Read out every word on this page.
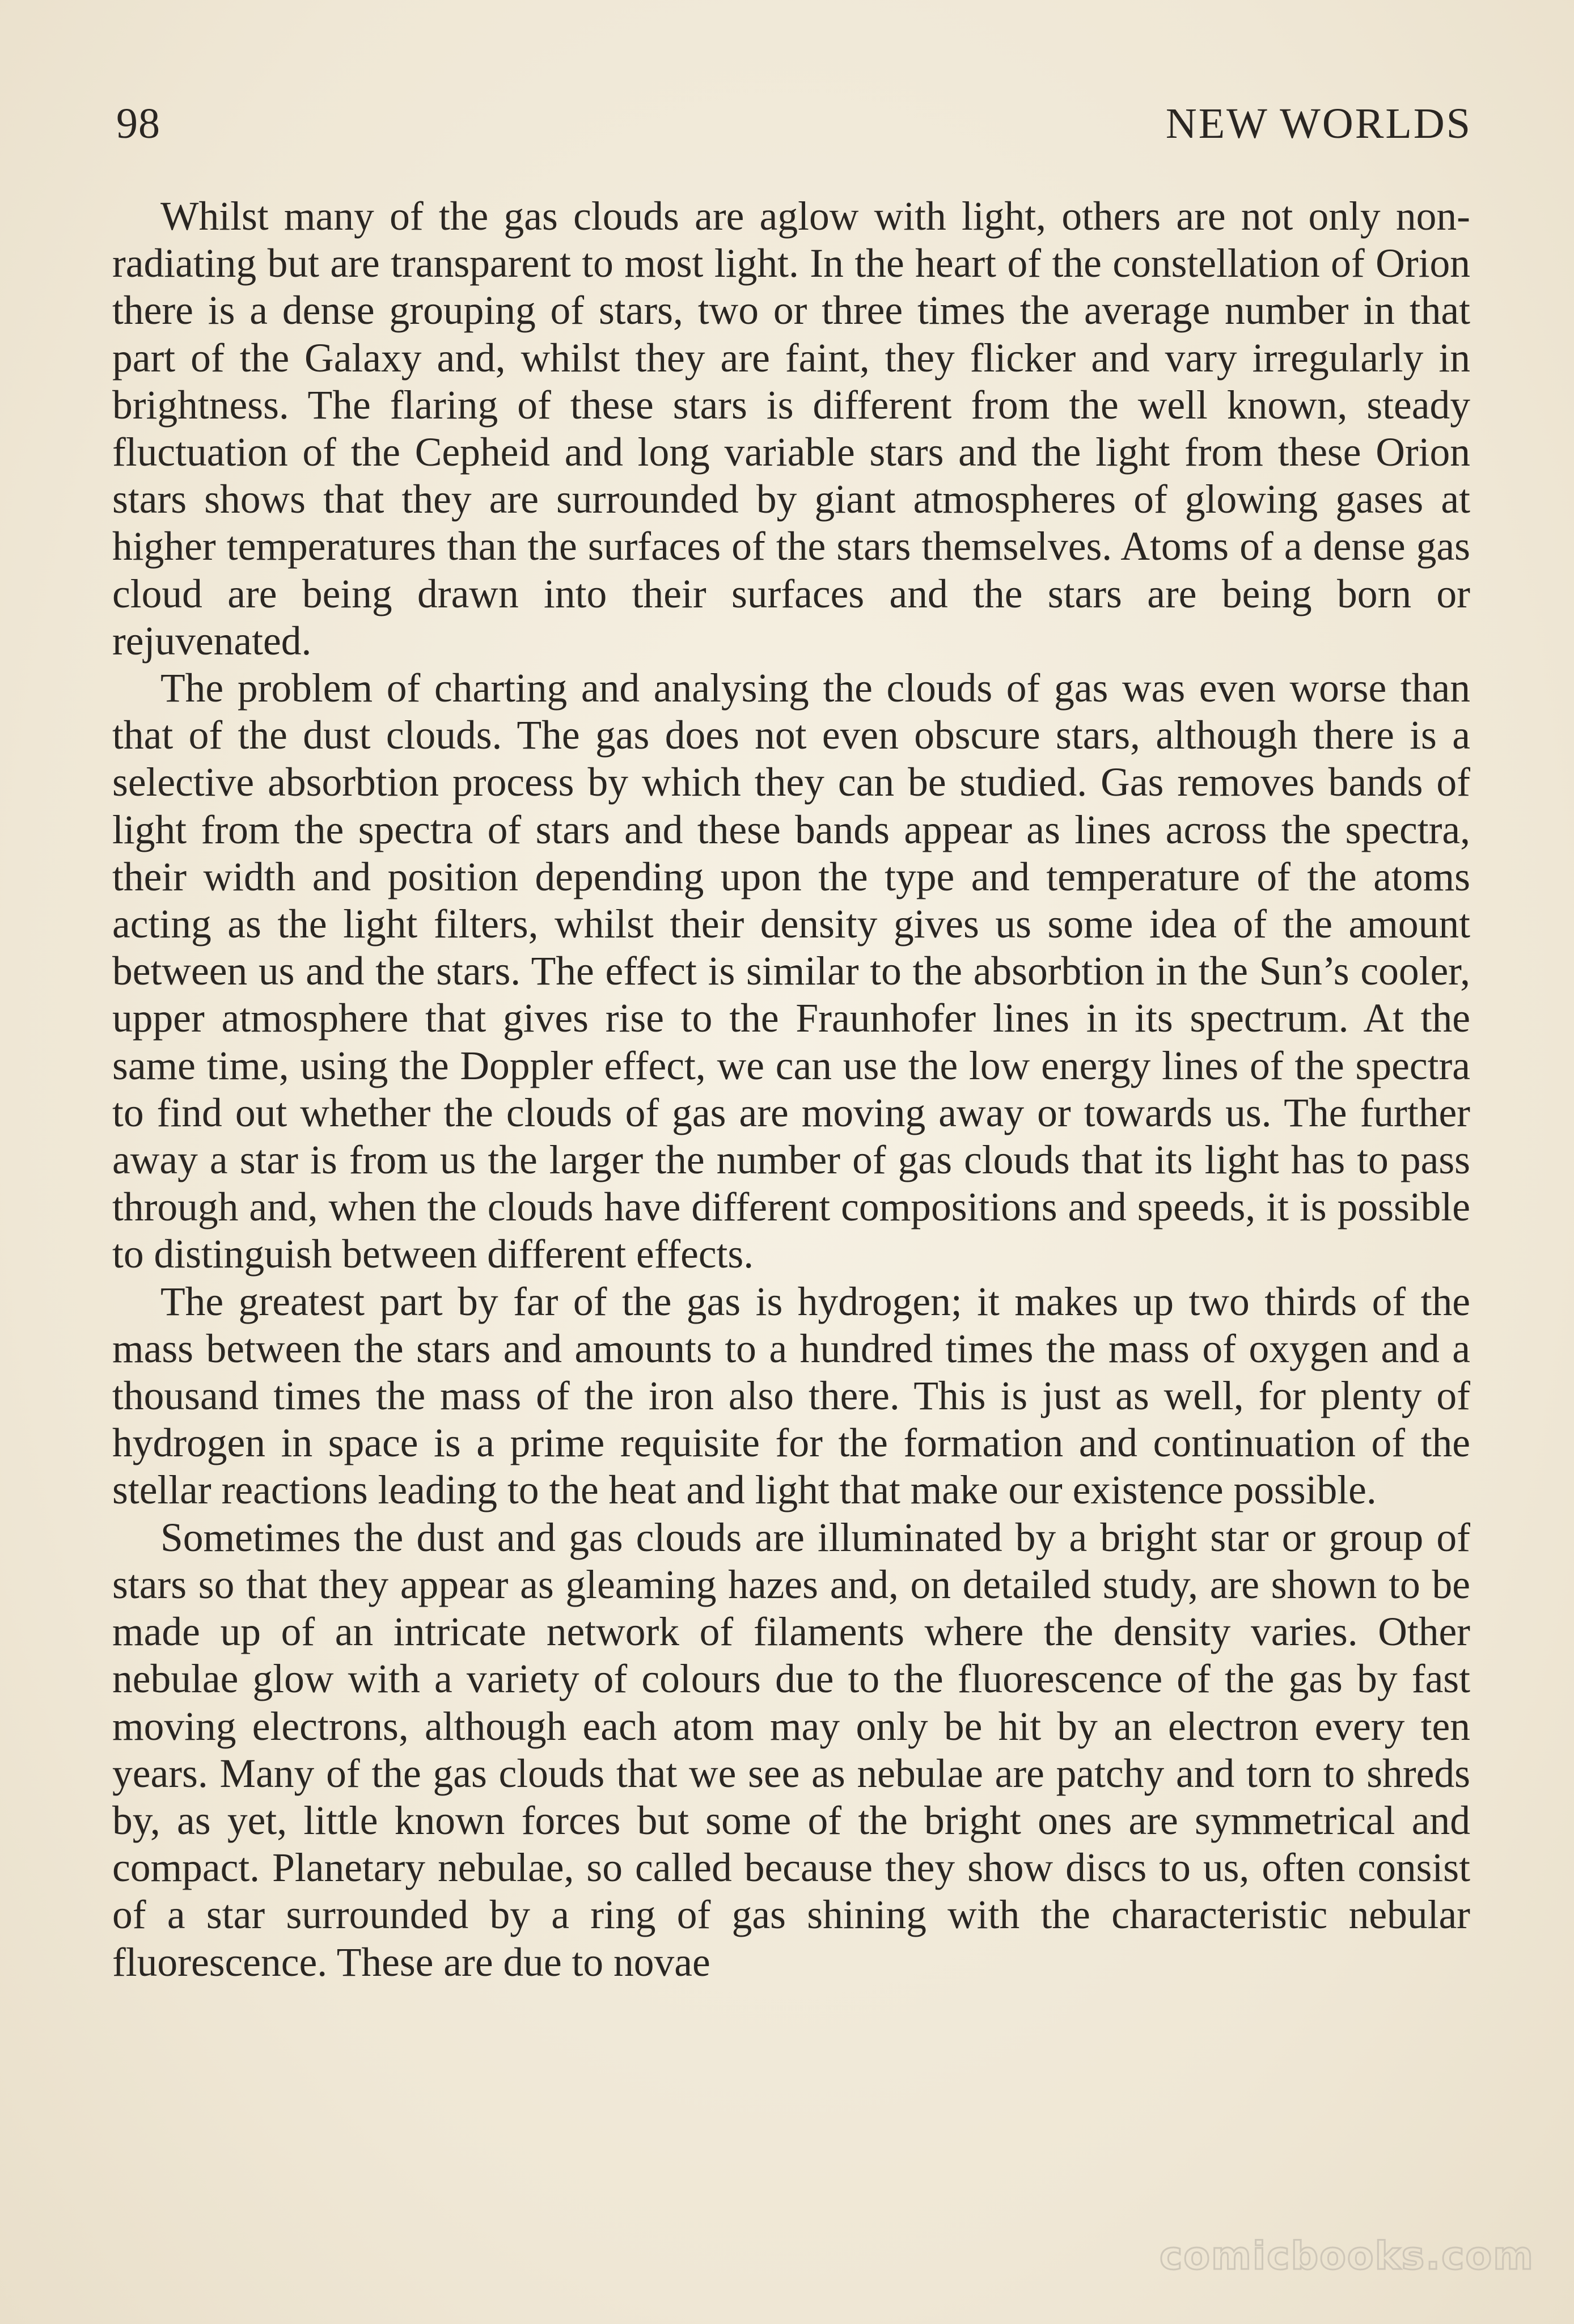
98	NEW WORLDS

Whilst many of the gas clouds are aglow with light, others are not only non-radiating but are transparent to most light. In the heart of the constellation of Orion there is a dense grouping of stars, two or three times the average number in that part of the Galaxy and, whilst they are faint, they flicker and vary irregularly in brightness. The flaring of these stars is different from the well known, steady fluctuation of the Cepheid and long variable stars and the light from these Orion stars shows that they are surrounded by giant atmospheres of glowing gases at higher temperatures than the surfaces of the stars themselves. Atoms of a dense gas cloud are being drawn into their surfaces and the stars are being born or rejuvenated.

The problem of charting and analysing the clouds of gas was even worse than that of the dust clouds. The gas does not even obscure stars, although there is a selective absorbtion process by which they can be studied. Gas removes bands of light from the spectra of stars and these bands appear as lines across the spectra, their width and position depending upon the type and temperature of the atoms acting as the light filters, whilst their density gives us some idea of the amount between us and the stars. The effect is similar to the absorbtion in the Sun’s cooler, upper atmosphere that gives rise to the Fraunhofer lines in its spectrum. At the same time, using the Doppler effect, we can use the low energy lines of the spectra to find out whether the clouds of gas are moving away or towards us. The further away a star is from us the larger the number of gas clouds that its light has to pass through and, when the clouds have different compositions and speeds, it is possible to distinguish between different effects.

The greatest part by far of the gas is hydrogen; it makes up two thirds of the mass between the stars and amounts to a hundred times the mass of oxygen and a thousand times the mass of the iron also there. This is just as well, for plenty of hydrogen in space is a prime requisite for the formation and continuation of the stellar reactions leading to the heat and light that make our existence possible.

Sometimes the dust and gas clouds are illuminated by a bright star or group of stars so that they appear as gleaming hazes and, on detailed study, are shown to be made up of an intricate network of filaments where the density varies. Other nebulae glow with a variety of colours due to the fluorescence of the gas by fast moving electrons, although each atom may only be hit by an electron every ten years. Many of the gas clouds that we see as nebulae are patchy and torn to shreds by, as yet, little known forces but some of the bright ones are symmetrical and compact. Planetary nebulae, so called because they show discs to us, often consist of a star surrounded by a ring of gas shining with the characteristic nebular fluorescence. These are due to novae

comicbooks.com
